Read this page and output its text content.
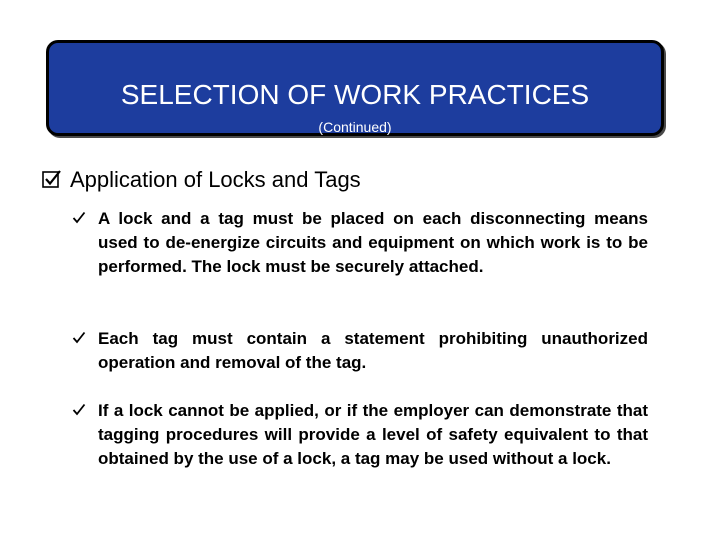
SELECTION OF WORK PRACTICES
(Continued)
Application of Locks and Tags
A lock and a tag must be placed on each disconnecting means used to de-energize circuits and equipment on which work is to be performed. The lock must be securely attached.
Each tag must contain a statement prohibiting unauthorized operation and removal of the tag.
If a lock cannot be applied, or if the employer can demonstrate that tagging procedures will provide a level of safety equivalent to that obtained by the use of a lock, a tag may be used without a lock.
